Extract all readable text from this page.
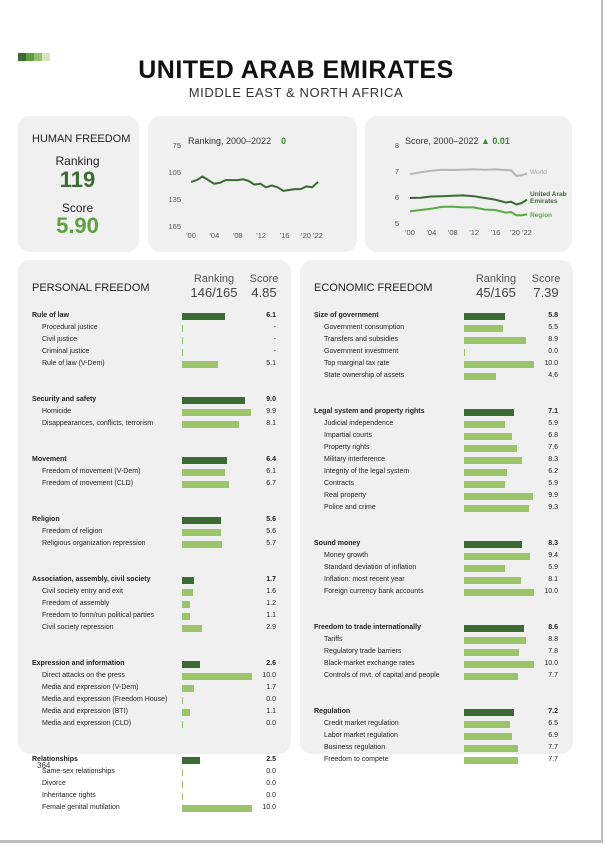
UNITED ARAB EMIRATES
MIDDLE EAST & NORTH AFRICA
HUMAN FREEDOM
Ranking
119
Score
5.90
Ranking, 2000–2022 0
75
105
135
165
'00 '04 '08 '12 '16 '20 '22
Score, 2000–2022 ▲ 0.01
8
7
6
5
'00 '04 '08 '12 '16 '20 '22
World
United Arab
Emirates
Region
PERSONAL FREEDOM
Ranking
146/165
Score
4.85
Rule of law	6.1
Procedural justice	-
Civil justice	-
Criminal justice	-
Rule of law (V-Dem)	5.1
Security and safety	9.0
Homicide	9.9
Disappearances, conflicts, terrorism	8.1
Movement	6.4
Freedom of movement (V-Dem)	6.1
Freedom of movement (CLD)	6.7
Religion	5.6
Freedom of religion	5.6
Religious organization repression	5.7
Association, assembly, civil society	1.7
Civil society entry and exit	1.6
Freedom of assembly	1.2
Freedom to form/run political parties	1.1
Civil society repression	2.9
Expression and information	2.6
Direct attacks on the press	10.0
Media and expression (V-Dem)	1.7
Media and expression (Freedom House)	0.0
Media and expression (BTI)	1.1
Media and expression (CLD)	0.0
Relationships	2.5
Same-sex relationships	0.0
Divorce	0.0
Inheritance rights	0.0
Female genital mutilation	10.0
ECONOMIC FREEDOM
Ranking
45/165
Score
7.39
Size of government	5.8
Government consumption	5.5
Transfers and subsidies	8.9
Government investment	0.0
Top marginal tax rate	10.0
State ownership of assets	4.6
Legal system and property rights	7.1
Judicial independence	5.9
Impartial courts	6.8
Property rights	7.6
Military interference	8.3
Integrity of the legal system	6.2
Contracts	5.9
Real property	9.9
Police and crime	9.3
Sound money	8.3
Money growth	9.4
Standard deviation of inflation	5.9
Inflation: most recent year	8.1
Foreign currency bank accounts	10.0
Freedom to trade internationally	8.6
Tariffs	8.8
Regulatory trade barriers	7.8
Black-market exchange rates	10.0
Controls of mvt. of capital and people	7.7
Regulation	7.2
Credit market regulation	6.5
Labor market regulation	6.9
Business regulation	7.7
Freedom to compete	7.7
364
